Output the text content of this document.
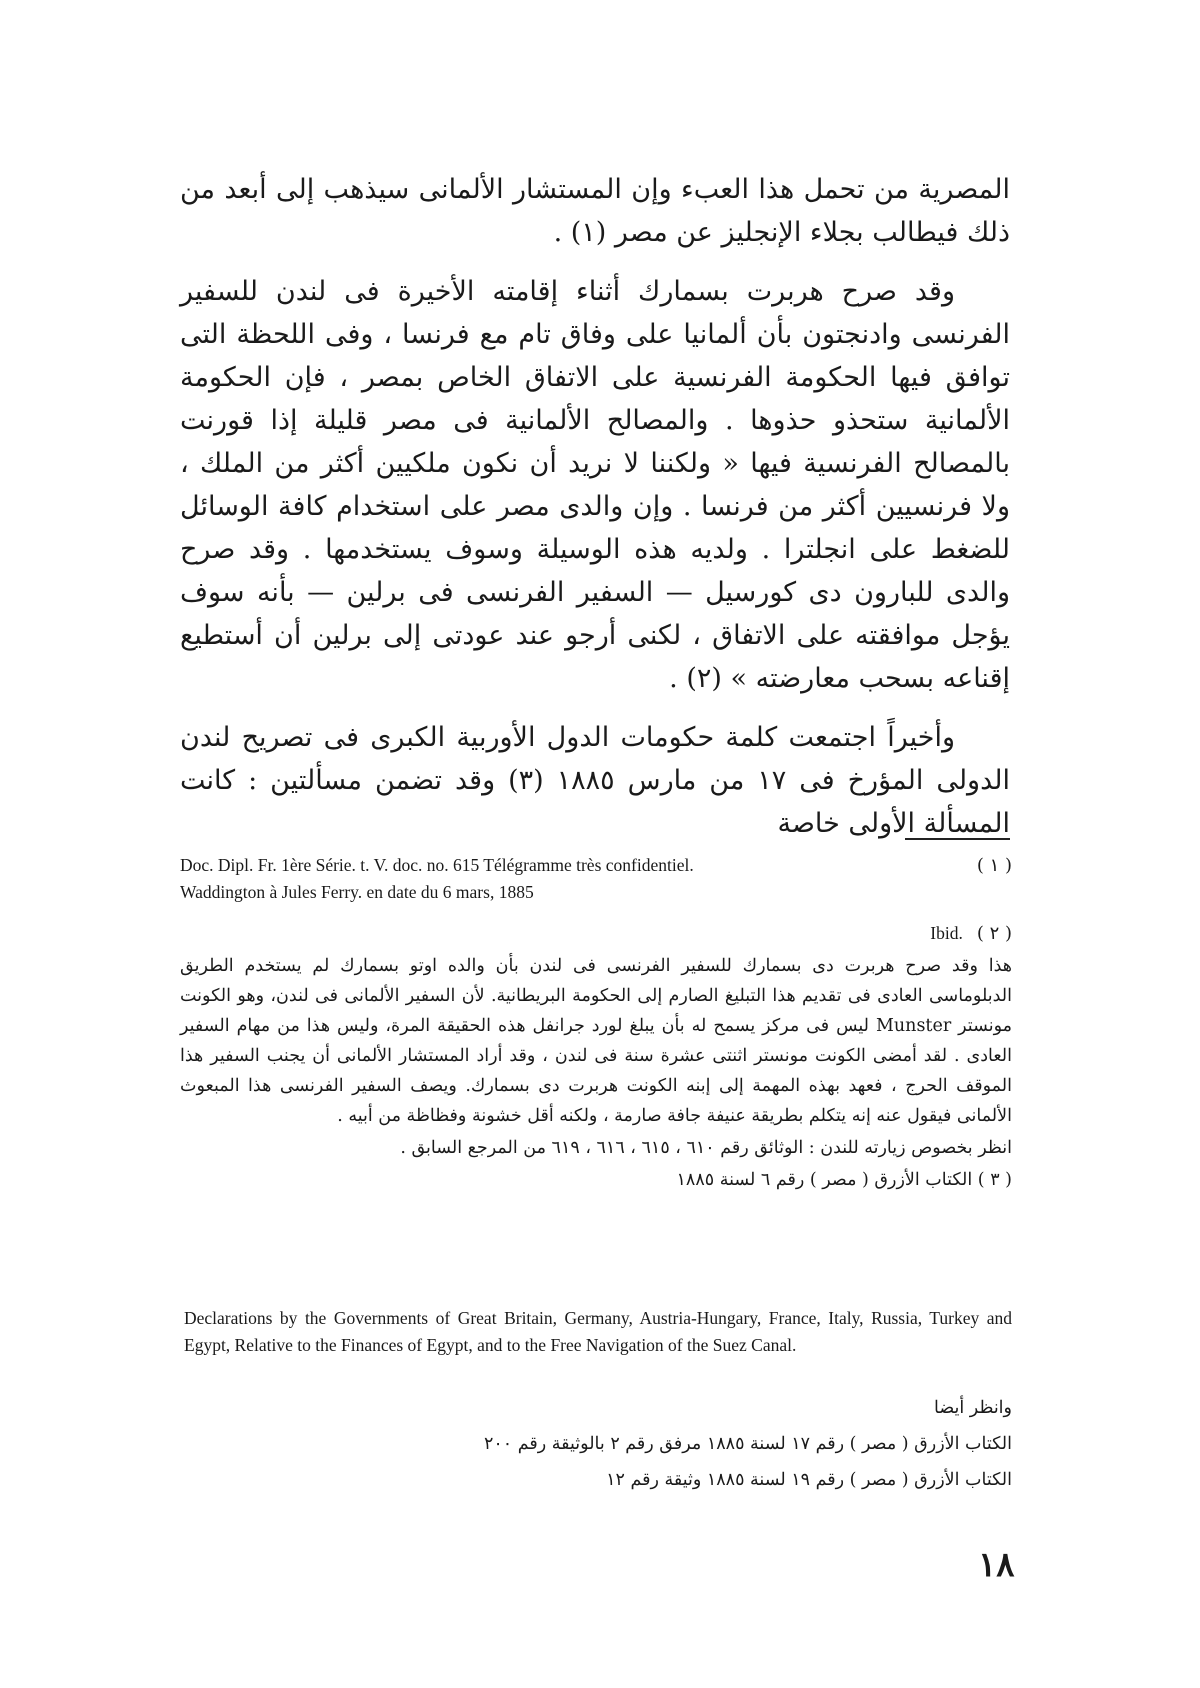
المصرية من تحمل هذا العبء وإن المستشار الألمانى سيذهب إلى أبعد من ذلك فيطالب بجلاء الإنجليز عن مصر (١) .

وقد صرح هربرت بسمارك أثناء إقامته الأخيرة فى لندن للسفير الفرنسى وادنجتون بأن ألمانيا على وفاق تام مع فرنسا ، وفى اللحظة التى توافق فيها الحكومة الفرنسية على الاتفاق الخاص بمصر ، فإن الحكومة الألمانية ستحذو حذوها . والمصالح الألمانية فى مصر قليلة إذا قورنت بالمصالح الفرنسية فيها « ولكننا لا نريد أن نكون ملكيين أكثر من الملك ، ولا فرنسيين أكثر من فرنسا . وإن والدى مصر على استخدام كافة الوسائل للضغط على انجلترا . ولديه هذه الوسيلة وسوف يستخدمها . وقد صرح والدى للبارون دى كورسيل — السفير الفرنسى فى برلين — بأنه سوف يؤجل موافقته على الاتفاق ، لكنى أرجو عند عودتى إلى برلين أن أستطيع إقناعه بسحب معارضته » (٢) .

وأخيراً اجتمعت كلمة حكومات الدول الأوربية الكبرى فى تصريح لندن الدولى المؤرخ فى ١٧ من مارس ١٨٨٥ (٣) وقد تضمن مسألتين : كانت المسألة الأولى خاصة

Doc. Dipl. Fr. 1ère Série. t. V. doc. no. 615 Télégramme très confidentiel.	( ١ )
Waddington à Jules Ferry. en date du 6 mars, 1885
Ibid. ( ٢ )
هذا وقد صرح هربرت دى بسمارك للسفير الفرنسى فى لندن بأن والده اوتو بسمارك لم يستخدم الطريق الدبلوماسى العادى فى تقديم هذا التبليغ الصارم إلى الحكومة البريطانية. لأن السفير الألمانى فى لندن، وهو الكونت مونستر Munster ليس فى مركز يسمح له بأن يبلغ لورد جرانفل هذه الحقيقة المرة، وليس هذا من مهام السفير العادى . لقد أمضى الكونت مونستر اثنتى عشرة سنة فى لندن ، وقد أراد المستشار الألمانى أن يجنب السفير هذا الموقف الحرج ، فعهد بهذه المهمة إلى إبنه الكونت هربرت دى بسمارك. ويصف السفير الفرنسى هذا المبعوث الألمانى فيقول عنه إنه يتكلم بطريقة عنيفة جافة صارمة ، ولكنه أقل خشونة وفظاظة من أبيه .
انظر بخصوص زيارته للندن : الوثائق رقم ٦١٠ ، ٦١٥ ، ٦١٦ ، ٦١٩ من المرجع السابق .
( ٣ ) الكتاب الأزرق ( مصر ) رقم ٦ لسنة ١٨٨٥
Declarations by the Governments of Great Britain, Germany, Austria-Hungary, France, Italy, Russia, Turkey and Egypt, Relative to the Finances of Egypt, and to the Free Navigation of the Suez Canal.
وانظر أيضا
الكتاب الأزرق ( مصر ) رقم ١٧ لسنة ١٨٨٥ مرفق رقم ٢ بالوثيقة رقم ٢٠٠
الكتاب الأزرق ( مصر ) رقم ١٩ لسنة ١٨٨٥ وثيقة رقم ١٢
١٨
